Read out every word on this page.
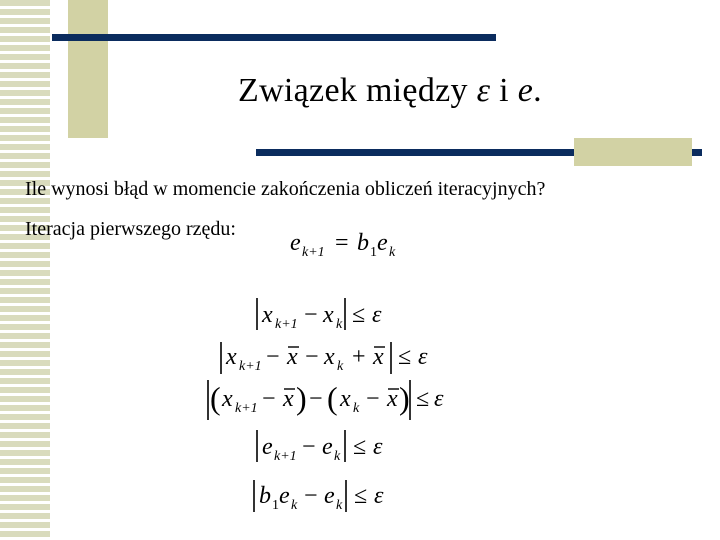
Związek między ε i e.
Ile wynosi błąd w momencie zakończenia obliczeń iteracyjnych?
Iteracja pierwszego rzędu:
e k+1 = b 1 e k
x k+1 − x k ≤ ε
x k+1 − x − x k + x ≤ ε
( x k+1 − x ) − ( x k − x ) ≤ ε
e k+1 − e k ≤ ε
b 1 e k − e k ≤ ε
